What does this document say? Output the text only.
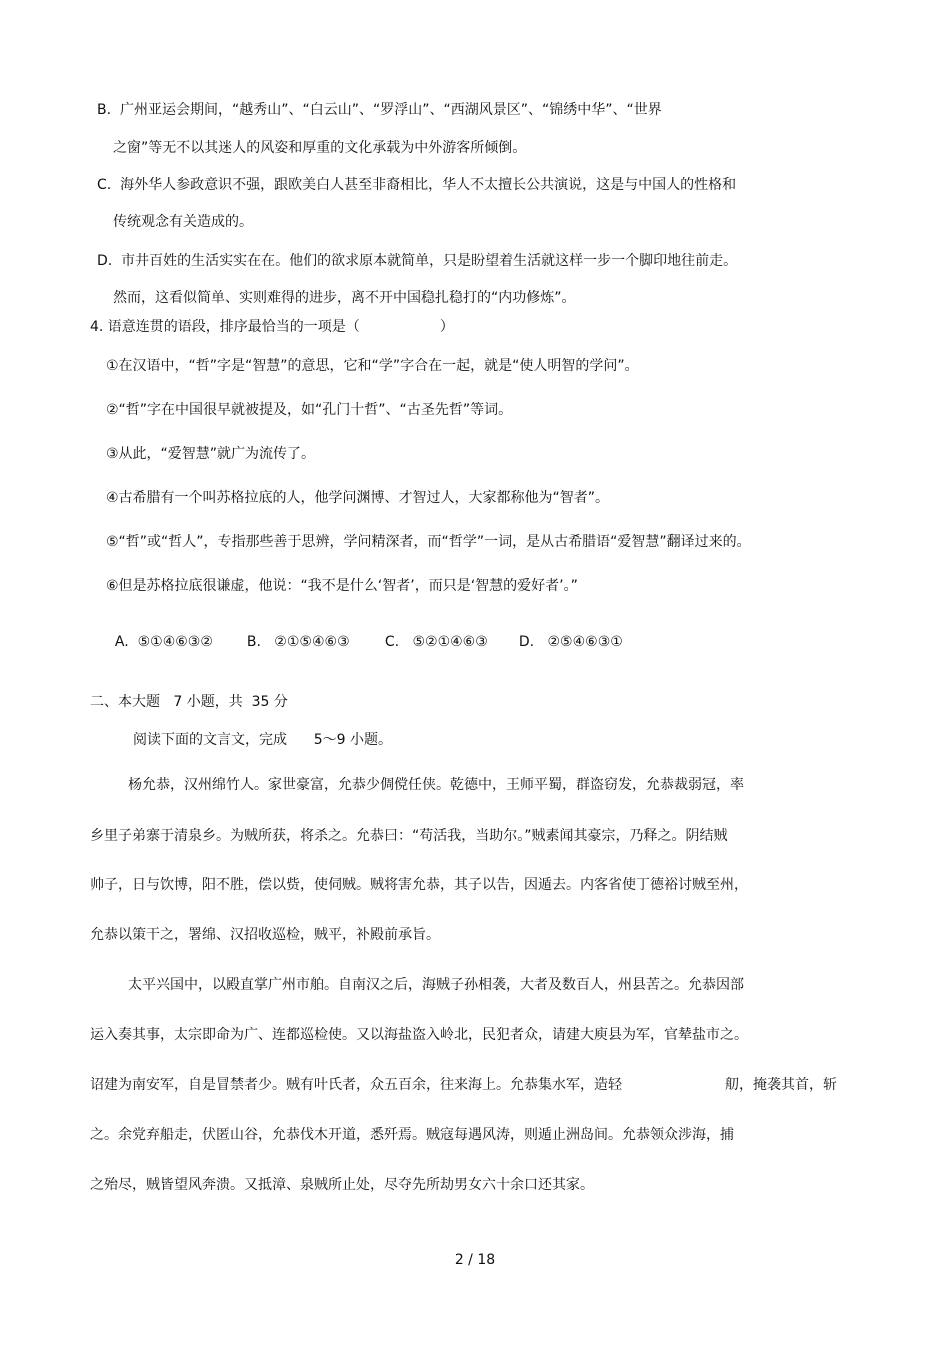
B.  广州亚运会期间，“越秀山”、“白云山”、“罗浮山”、“西湖风景区”、“锦绣中华”、“世界
之窗”等无不以其迷人的风姿和厚重的文化承载为中外游客所倾倒。
C.  海外华人参政意识不强，跟欧美白人甚至非裔相比，华人不太擅长公共演说，这是与中国人的性格和
传统观念有关造成的。
D.  市井百姓的生活实实在在。他们的欲求原本就简单，只是盼望着生活就这样一步一个脚印地往前走。
然而，这看似简单、实则难得的进步，离不开中国稳扎稳打的“内功修炼”。
4. 语意连贯的语段，排序最恰当的一项是（	）
①在汉语中，“哲”字是“智慧”的意思，它和“学”字合在一起，就是“使人明智的学问”。
②“哲”字在中国很早就被提及，如“孔门十哲”、“古圣先哲”等词。
③从此，“爱智慧”就广为流传了。
④古希腊有一个叫苏格拉底的人，他学问渊博、才智过人，大家都称他为“智者”。
⑤“哲”或“哲人”，专指那些善于思辨，学问精深者，而“哲学”一词，是从古希腊语“爱智慧”翻译过来的。
⑥但是苏格拉底很谦虚，他说：“我不是什么‘智者’，而只是‘智慧的爱好者’。”

A.  ⑤①④⑥③② B.   ②①⑤④⑥③	C.   ⑤②①④⑥③ D.   ②⑤④⑥③①

二、本大题   7 小题，共  35 分
阅读下面的文言文，完成      5～9 小题。
杨允恭，汉州绵竹人。家世豪富，允恭少倜傥任侠。乾德中，王师平蜀，群盗窃发，允恭裁弱冠，率
乡里子弟寨于清泉乡。为贼所获，将杀之。允恭曰：“苟活我，当助尔。”贼素闻其豪宗，乃释之。阴结贼
帅子，日与饮博，阳不胜，偿以赀，使伺贼。贼将害允恭，其子以告，因遁去。内客省使丁德裕讨贼至州，
允恭以策干之，署绵、汉招收巡检，贼平，补殿前承旨。
太平兴国中，以殿直掌广州市舶。自南汉之后，海贼子孙相袭，大者及数百人，州县苦之。允恭因部
运入奏其事，太宗即命为广、连都巡检使。又以海盐盗入岭北，民犯者众，请建大庾县为军，官辇盐市之。
诏建为南安军，自是冒禁者少。贼有叶氏者，众五百余，往来海上。允恭集水军，造轻	舠，掩袭其首，斩
之。余党弃船走，伏匿山谷，允恭伐木开道，悉歼焉。贼寇每遇风涛，则遁止洲岛间。允恭领众涉海，捕
之殆尽，贼皆望风奔溃。又抵漳、泉贼所止处，尽夺先所劫男女六十余口还其家。
2 / 18
